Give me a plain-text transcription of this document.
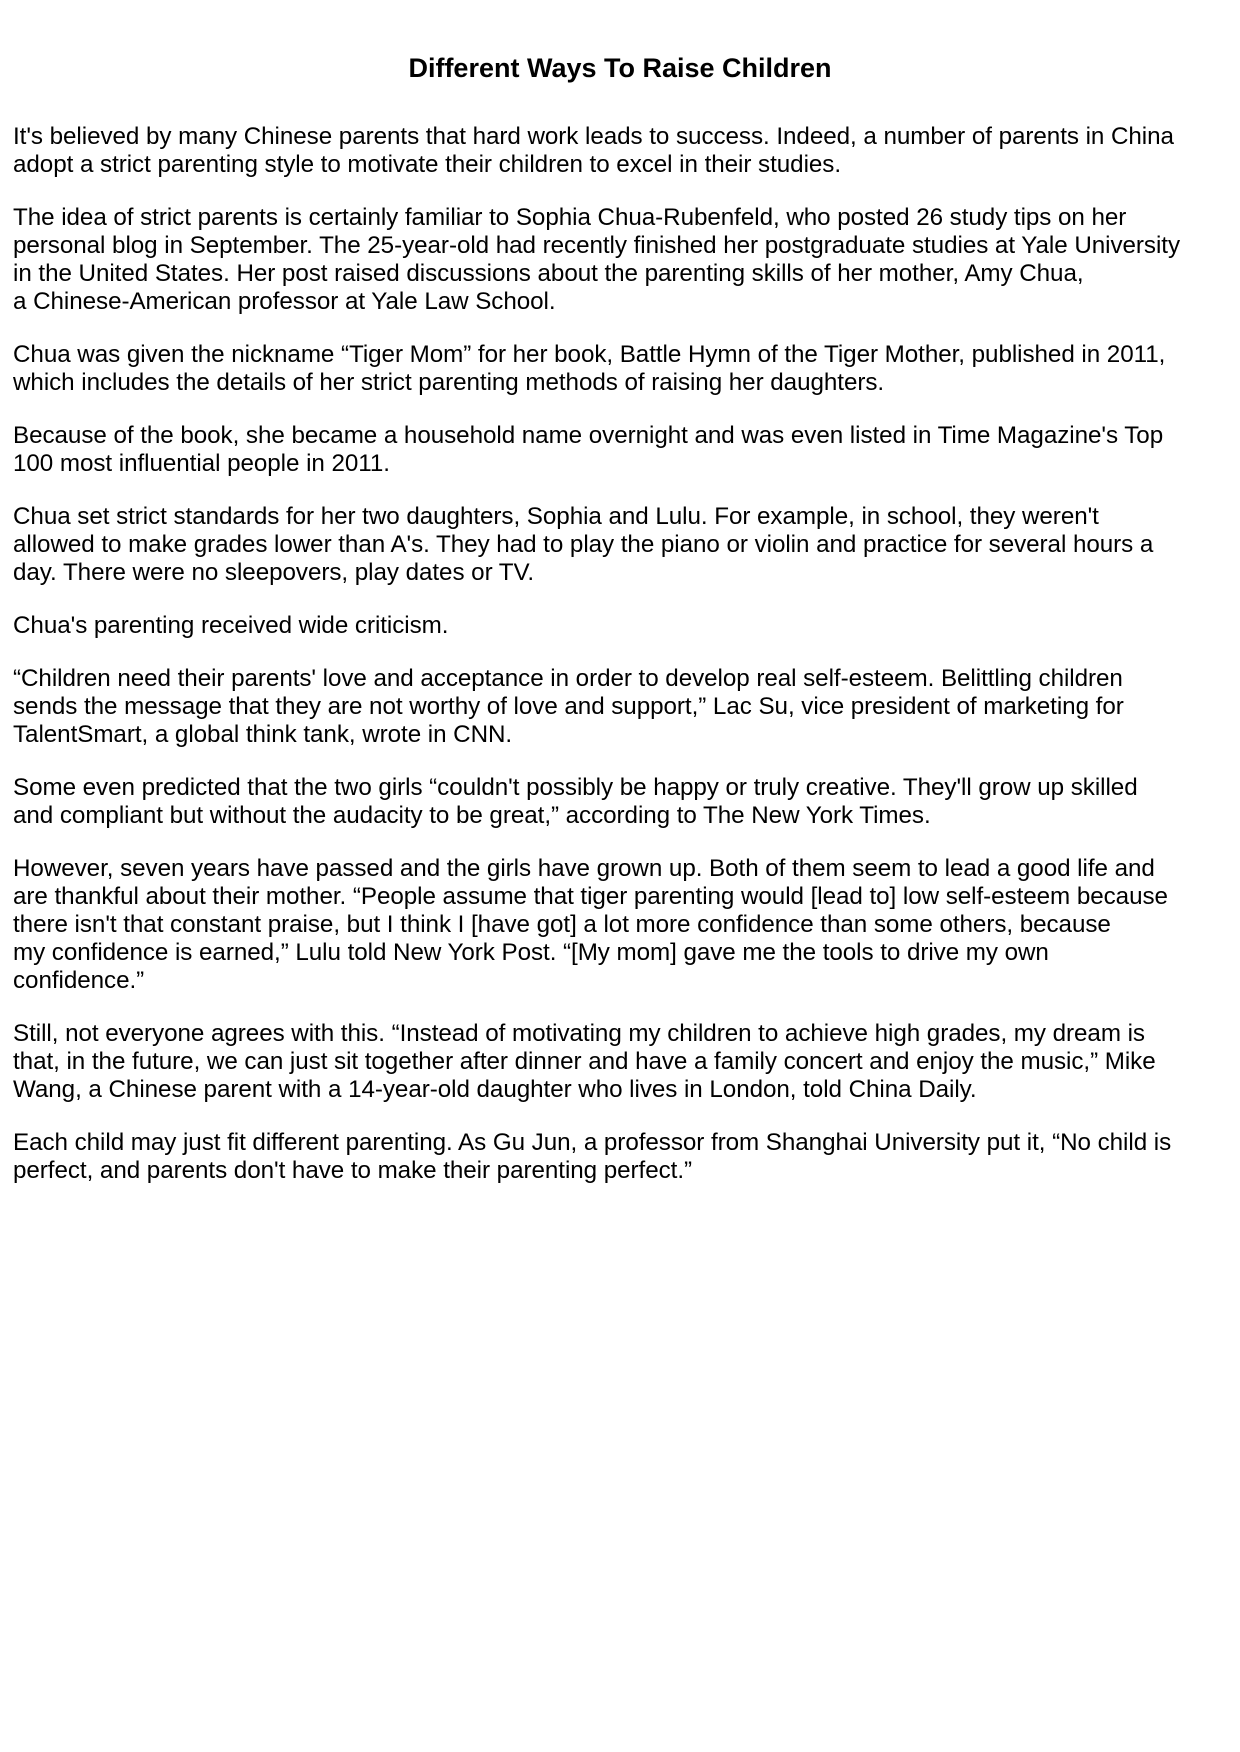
Different Ways To Raise Children

It's believed by many Chinese parents that hard work leads to success. Indeed, a number of parents in China
adopt a strict parenting style to motivate their children to excel in their studies.

The idea of strict parents is certainly familiar to Sophia Chua-Rubenfeld, who posted 26 study tips on her
personal blog in September. The 25-year-old had recently finished her postgraduate studies at Yale University
in the United States. Her post raised discussions about the parenting skills of her mother, Amy Chua,
a Chinese-American professor at Yale Law School.

Chua was given the nickname “Tiger Mom” for her book, Battle Hymn of the Tiger Mother, published in 2011,
which includes the details of her strict parenting methods of raising her daughters.

Because of the book, she became a household name overnight and was even listed in Time Magazine's Top
100 most influential people in 2011.

Chua set strict standards for her two daughters, Sophia and Lulu. For example, in school, they weren't
allowed to make grades lower than A's. They had to play the piano or violin and practice for several hours a
day. There were no sleepovers, play dates or TV.

Chua's parenting received wide criticism.

“Children need their parents' love and acceptance in order to develop real self-esteem. Belittling children
sends the message that they are not worthy of love and support,” Lac Su, vice president of marketing for
TalentSmart, a global think tank, wrote in CNN.

Some even predicted that the two girls “couldn't possibly be happy or truly creative. They'll grow up skilled
and compliant but without the audacity to be great,” according to The New York Times.

However, seven years have passed and the girls have grown up. Both of them seem to lead a good life and
are thankful about their mother. “People assume that tiger parenting would [lead to] low self-esteem because
there isn't that constant praise, but I think I [have got] a lot more confidence than some others, because
my confidence is earned,” Lulu told New York Post. “[My mom] gave me the tools to drive my own
confidence.”

Still, not everyone agrees with this. “Instead of motivating my children to achieve high grades, my dream is
that, in the future, we can just sit together after dinner and have a family concert and enjoy the music,” Mike
Wang, a Chinese parent with a 14-year-old daughter who lives in London, told China Daily.

Each child may just fit different parenting. As Gu Jun, a professor from Shanghai University put it, “No child is
perfect, and parents don't have to make their parenting perfect.”
